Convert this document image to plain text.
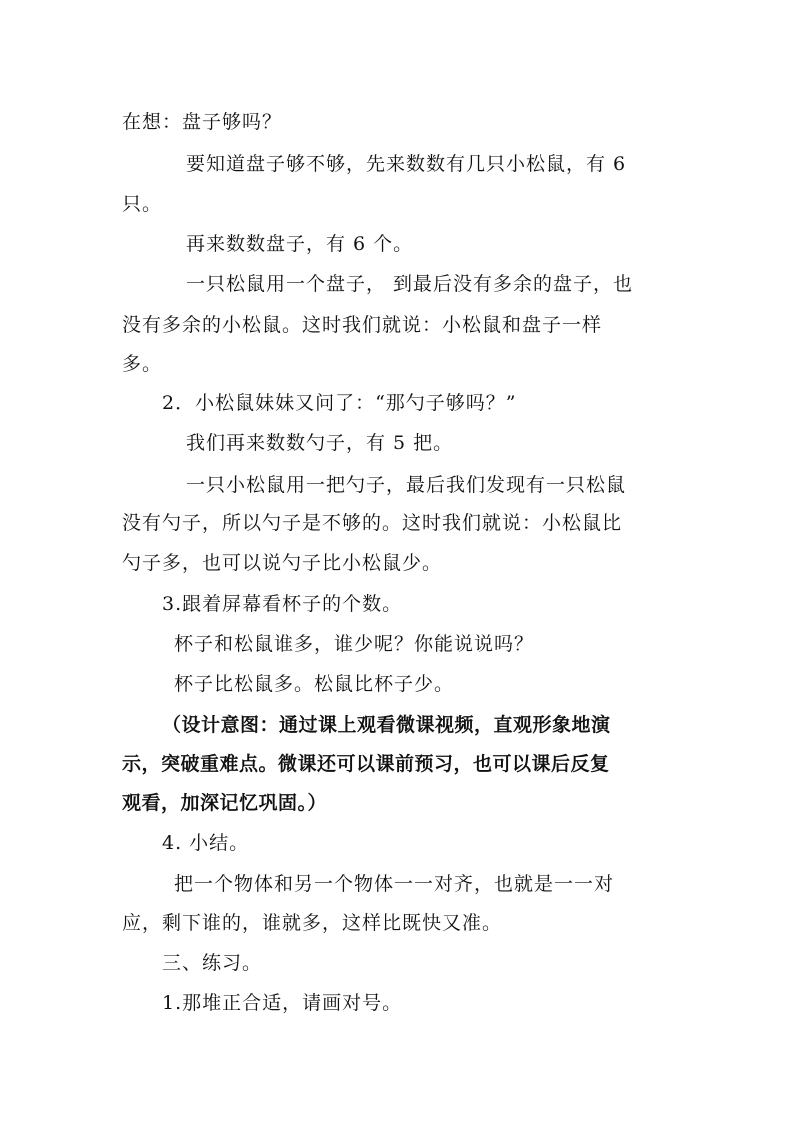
在想：盘子够吗？
要知道盘子够不够，先来数数有几只小松鼠，有 6
只。
再来数数盘子，有 6 个。
一只松鼠用一个盘子， 到最后没有多余的盘子，也
没有多余的小松鼠。这时我们就说：小松鼠和盘子一样
多。
2．小松鼠妹妹又问了：“那勺子够吗？”
我们再来数数勺子，有 5 把。
一只小松鼠用一把勺子，最后我们发现有一只松鼠
没有勺子，所以勺子是不够的。这时我们就说：小松鼠比
勺子多，也可以说勺子比小松鼠少。
3.跟着屏幕看杯子的个数。
杯子和松鼠谁多，谁少呢？你能说说吗？
杯子比松鼠多。松鼠比杯子少。
（设计意图：通过课上观看微课视频，直观形象地演
示，突破重难点。微课还可以课前预习，也可以课后反复
观看，加深记忆巩固。）
4. 小结。
把一个物体和另一个物体一一对齐，也就是一一对
应，剩下谁的，谁就多，这样比既快又准。
三、练习。
1.那堆正合适，请画对号。
